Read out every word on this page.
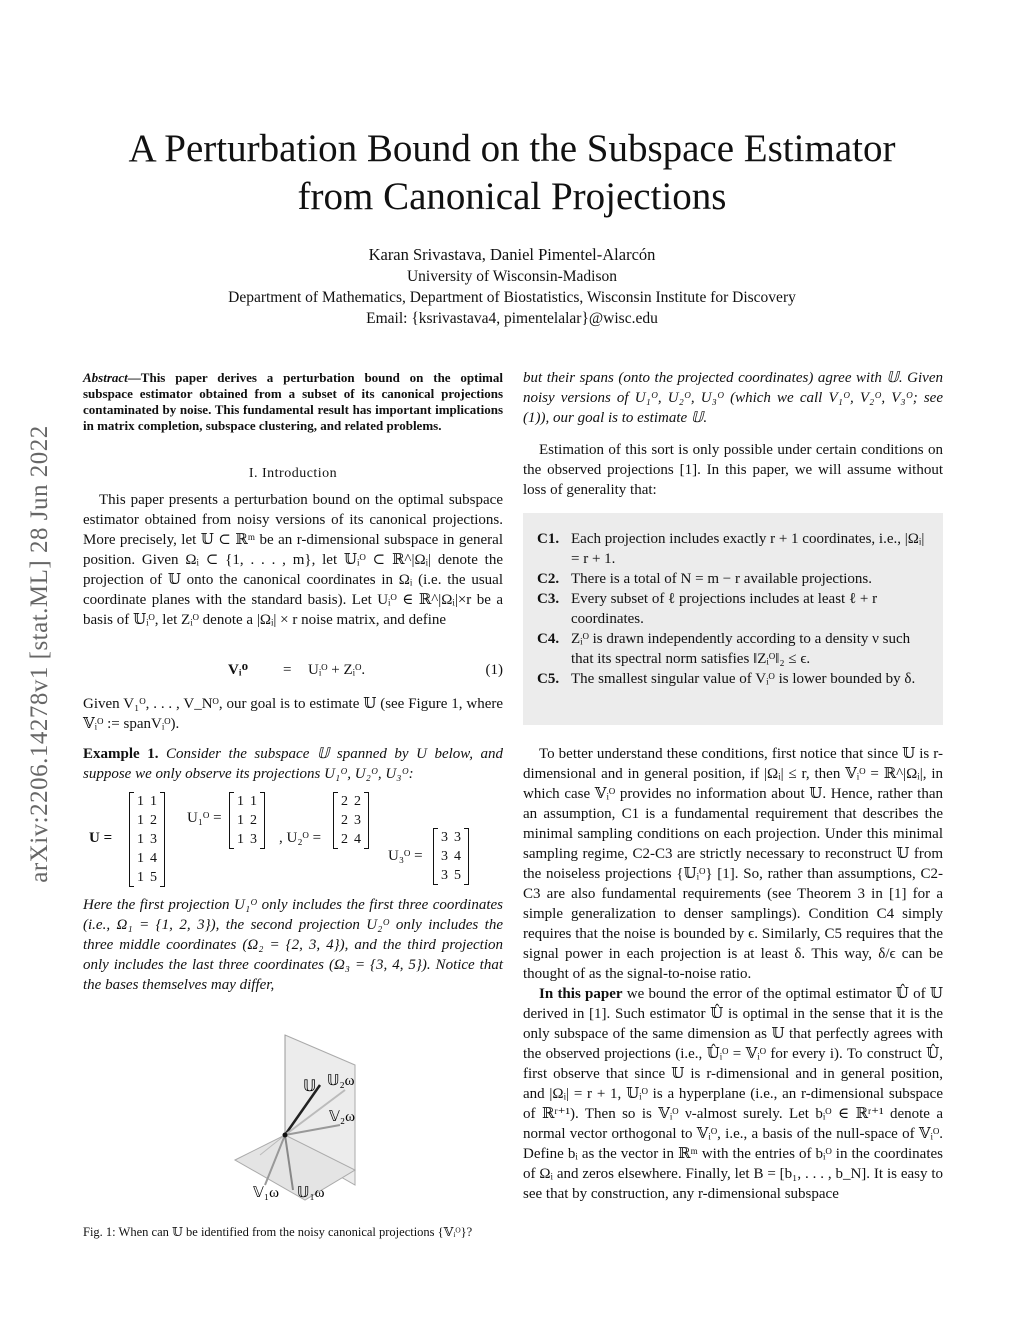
A Perturbation Bound on the Subspace Estimator
from Canonical Projections
Karan Srivastava, Daniel Pimentel-Alarcón
University of Wisconsin-Madison
Department of Mathematics, Department of Biostatistics, Wisconsin Institute for Discovery
Email: {ksrivastava4, pimentelalar}@wisc.edu
arXiv:2206.14278v1 [stat.ML] 28 Jun 2022
Abstract—This paper derives a perturbation bound on the optimal subspace estimator obtained from a subset of its canonical projections contaminated by noise. This fundamental result has important implications in matrix completion, subspace clustering, and related problems.
I. Introduction

This paper presents a perturbation bound on the optimal subspace estimator obtained from noisy versions of its canonical projections. More precisely, let 𝕌 ⊂ ℝᵐ be an r-dimensional subspace in general position. Given Ωᵢ ⊂ {1, . . . , m}, let 𝕌ᵢᴼ ⊂ ℝ^|Ωᵢ| denote the projection of 𝕌 onto the canonical coordinates in Ωᵢ (i.e. the usual coordinate planes with the standard basis). Let Uᵢᴼ ∈ ℝ^|Ωᵢ|×r be a basis of 𝕌ᵢᴼ, let Zᵢᴼ denote a |Ωᵢ| × r noise matrix, and define

Vᵢᴼ = Uᵢᴼ + Zᵢᴼ.	(1)
Given V₁ᴼ, . . . , V_Nᴼ, our goal is to estimate 𝕌 (see Figure 1, where 𝕍ᵢᴼ := spanVᵢᴼ).
Example 1. Consider the subspace 𝕌 spanned by U below, and suppose we only observe its projections U₁ᴼ, U₂ᴼ, U₃ᴼ:
U =
1 1
1 2
1 3
1 4
1 5
U₁ᴼ =
1 1
1 2
1 3 , U₂ᴼ =
2 2
2 3
2 4
U₃ᴼ =
3 3
3 4
3 5
Here the first projection U₁ᴼ only includes the first three coordinates (i.e., Ω₁ = {1, 2, 3}), the second projection U₂ᴼ only includes the three middle coordinates (Ω₂ = {2, 3, 4}), and the third projection only includes the last three coordinates (Ω₃ = {3, 4, 5}). Notice that the bases themselves may differ,
𝕌 𝕌₂ω
𝕍₂ω
𝕍₁ω 𝕌₁ω
Fig. 1: When can 𝕌 be identified from the noisy canonical projections {𝕍ᵢᴼ}?
but their spans (onto the projected coordinates) agree with 𝕌. Given noisy versions of U₁ᴼ, U₂ᴼ, U₃ᴼ (which we call V₁ᴼ, V₂ᴼ, V₃ᴼ; see (1)), our goal is to estimate 𝕌.

Estimation of this sort is only possible under certain conditions on the observed projections [1]. In this paper, we will assume without loss of generality that:

C1. Each projection includes exactly r + 1 coordinates, i.e., |Ωᵢ| = r + 1.
C2. There is a total of N = m − r available projections.
C3. Every subset of ℓ projections includes at least ℓ + r coordinates.
C4. Zᵢᴼ is drawn independently according to a density ν such that its spectral norm satisfies ‖Zᵢᴼ‖₂ ≤ ϵ.
C5. The smallest singular value of Vᵢᴼ is lower bounded by δ.

To better understand these conditions, first notice that since 𝕌 is r-dimensional and in general position, if |Ωᵢ| ≤ r, then 𝕍ᵢᴼ = ℝ^|Ωᵢ|, in which case 𝕍ᵢᴼ provides no information about 𝕌. Hence, rather than an assumption, C1 is a fundamental requirement that describes the minimal sampling conditions on each projection. Under this minimal sampling regime, C2-C3 are strictly necessary to reconstruct 𝕌 from the noiseless projections {𝕌ᵢᴼ} [1]. So, rather than assumptions, C2-C3 are also fundamental requirements (see Theorem 3 in [1] for a simple generalization to denser samplings). Condition C4 simply requires that the noise is bounded by ϵ. Similarly, C5 requires that the signal power in each projection is at least δ. This way, δ/ϵ can be thought of as the signal-to-noise ratio.

In this paper we bound the error of the optimal estimator 𝕌̂ of 𝕌 derived in [1]. Such estimator 𝕌̂ is optimal in the sense that it is the only subspace of the same dimension as 𝕌 that perfectly agrees with the observed projections (i.e., 𝕌̂ᵢᴼ = 𝕍ᵢᴼ for every i). To construct 𝕌̂, first observe that since 𝕌 is r-dimensional and in general position, and |Ωᵢ| = r + 1, 𝕌ᵢᴼ is a hyperplane (i.e., an r-dimensional subspace of ℝʳ⁺¹). Then so is 𝕍ᵢᴼ ν-almost surely. Let bᵢᴼ ∈ ℝʳ⁺¹ denote a normal vector orthogonal to 𝕍ᵢᴼ, i.e., a basis of the null-space of 𝕍ᵢᴼ. Define bᵢ as the vector in ℝᵐ with the entries of bᵢᴼ in the coordinates of Ωᵢ and zeros elsewhere. Finally, let B = [b₁, . . . , b_N]. It is easy to see that by construction, any r-dimensional subspace
